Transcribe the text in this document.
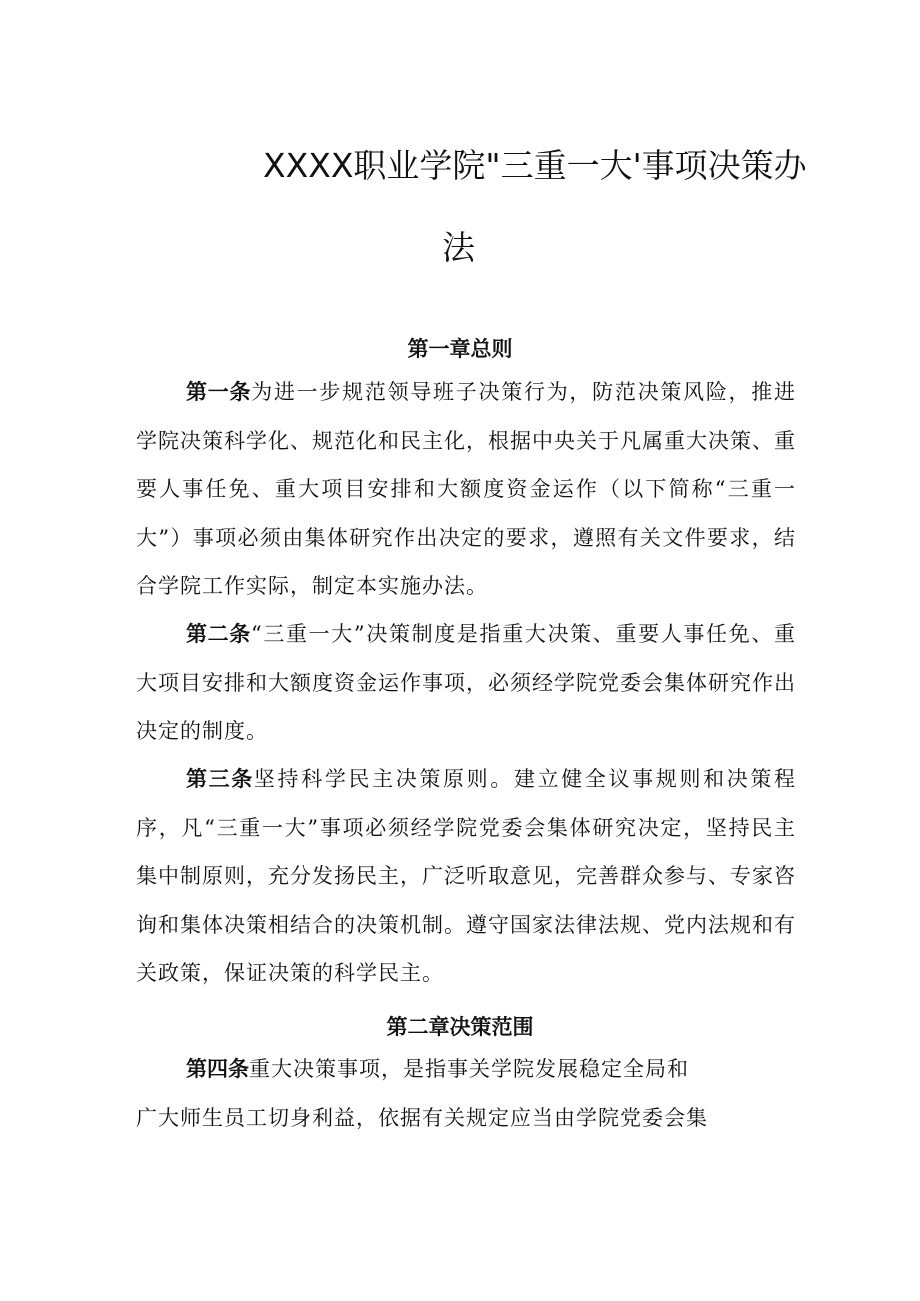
XXXX职业学院"三重一大'事项决策办
法
第一章总则
第一条为进一步规范领导班子决策行为，防范决策风险，推进学院决策科学化、规范化和民主化，根据中央关于凡属重大决策、重要人事任免、重大项目安排和大额度资金运作（以下简称“三重一大”）事项必须由集体研究作出决定的要求，遵照有关文件要求，结合学院工作实际，制定本实施办法。
第二条“三重一大”决策制度是指重大决策、重要人事任免、重大项目安排和大额度资金运作事项，必须经学院党委会集体研究作出决定的制度。
第三条坚持科学民主决策原则。建立健全议事规则和决策程序，凡“三重一大”事项必须经学院党委会集体研究决定，坚持民主集中制原则，充分发扬民主，广泛听取意见，完善群众参与、专家咨询和集体决策相结合的决策机制。遵守国家法律法规、党内法规和有关政策，保证决策的科学民主。
第二章决策范围
第四条重大决策事项，是指事关学院发展稳定全局和
广大师生员工切身利益，依据有关规定应当由学院党委会集
